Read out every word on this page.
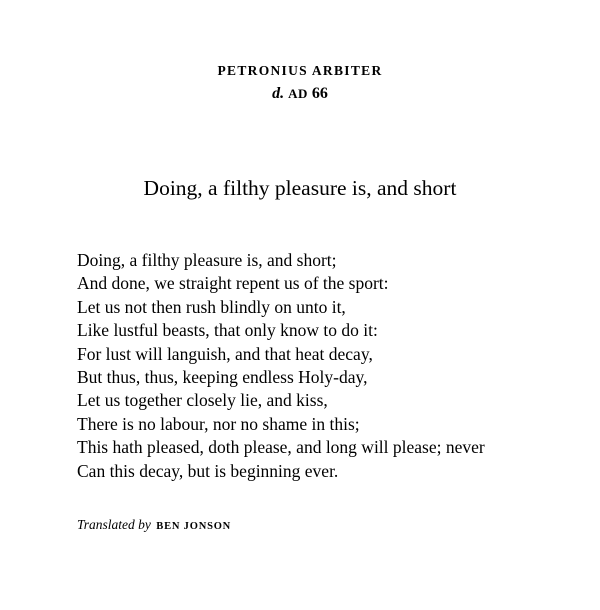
PETRONIUS ARBITER
d. AD 66
Doing, a filthy pleasure is, and short
Doing, a filthy pleasure is, and short;
And done, we straight repent us of the sport:
Let us not then rush blindly on unto it,
Like lustful beasts, that only know to do it:
For lust will languish, and that heat decay,
But thus, thus, keeping endless Holy-day,
Let us together closely lie, and kiss,
There is no labour, nor no shame in this;
This hath pleased, doth please, and long will please; never
Can this decay, but is beginning ever.
Translated by BEN JONSON
